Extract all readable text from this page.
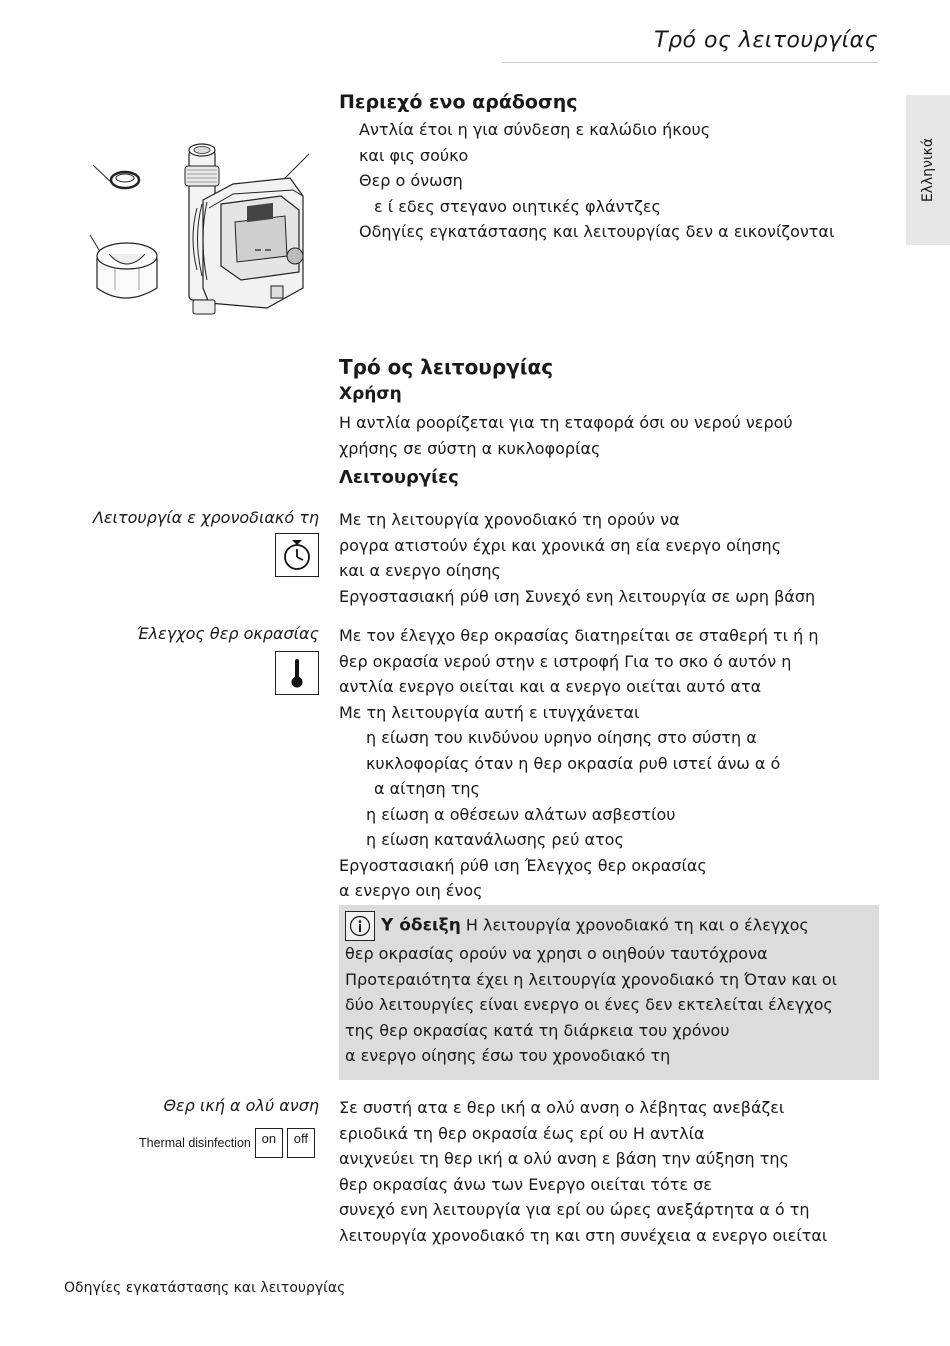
Τρό ος λειτουργίας
Ελληνικά
Περιεχό ενο αράδοσης
Αντλία έτοι η για σύνδεση ε καλώδιο ήκους
και φις σούκο
Θερ ο όνωση
ε ί εδες στεγανο οιητικές φλάντζες
Οδηγίες εγκατάστασης και λειτουργίας δεν α εικονίζονται
Τρό ος λειτουργίας
Χρήση
Η αντλία ροορίζεται για τη εταφορά όσι ου νερού νερού
χρήσης σε σύστη α κυκλοφορίας
Λειτουργίες
Λειτουργία ε χρονοδιακό τη Με τη λειτουργία χρονοδιακό τη ορούν να
ρογρα ατιστούν έχρι και χρονικά ση εία ενεργο οίησης
και α ενεργο οίησης
Εργοστασιακή ρύθ ιση Συνεχό ενη λειτουργία σε ωρη βάση
Έλεγχος θερ οκρασίας Με τον έλεγχο θερ οκρασίας διατηρείται σε σταθερή τι ή η
θερ οκρασία νερού στην ε ιστροφή Για το σκο ό αυτόν η
αντλία ενεργο οιείται και α ενεργο οιείται αυτό ατα
Με τη λειτουργία αυτή ε ιτυγχάνεται
η είωση του κινδύνου υρηνο οίησης στο σύστη α
κυκλοφορίας όταν η θερ οκρασία ρυθ ιστεί άνω α ό
α αίτηση της
η είωση α οθέσεων αλάτων ασβεστίου
η είωση κατανάλωσης ρεύ ατος
Εργοστασιακή ρύθ ιση Έλεγχος θερ οκρασίας
α ενεργο οιη ένος
Υ όδειξη Η λειτουργία χρονοδιακό τη και ο έλεγχος
θερ οκρασίας ορούν να χρησι ο οιηθούν ταυτόχρονα
Προτεραιότητα έχει η λειτουργία χρονοδιακό τη Όταν και οι
δύο λειτουργίες είναι ενεργο οι ένες δεν εκτελείται έλεγχος
της θερ οκρασίας κατά τη διάρκεια του χρόνου
α ενεργο οίησης έσω του χρονοδιακό τη
Θερ ική α ολύ ανση
Thermal disinfection on	off
Σε συστή ατα ε θερ ική α ολύ ανση ο λέβητας ανεβάζει
εριοδικά τη θερ οκρασία έως ερί ου Η αντλία
ανιχνεύει τη θερ ική α ολύ ανση ε βάση την αύξηση της
θερ οκρασίας άνω των Ενεργο οιείται τότε σε
συνεχό ενη λειτουργία για ερί ου ώρες ανεξάρτητα α ό τη
λειτουργία χρονοδιακό τη και στη συνέχεια α ενεργο οιείται
Οδηγίες εγκατάστασης και λειτουργίας
